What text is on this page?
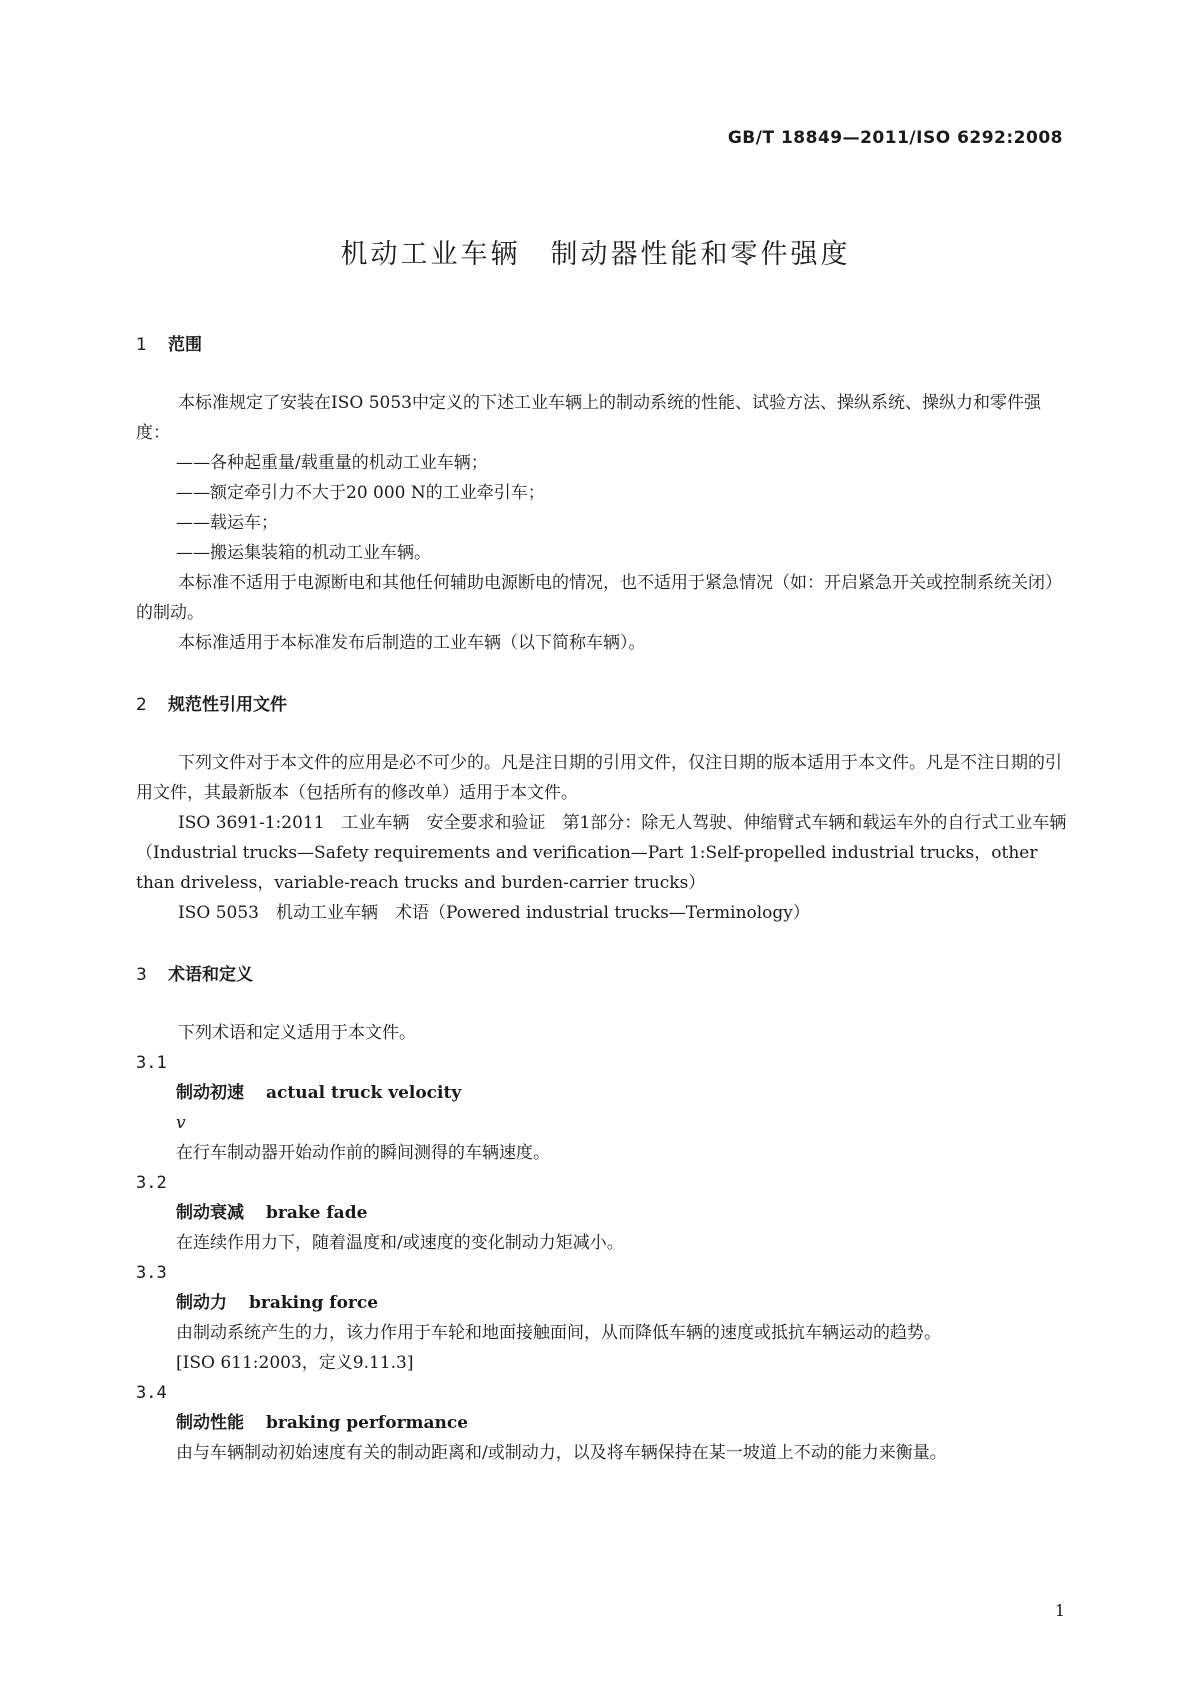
GB/T 18849—2011/ISO 6292:2008
机动工业车辆　制动器性能和零件强度
1 范围

本标准规定了安装在ISO 5053中定义的下述工业车辆上的制动系统的性能、试验方法、操纵系统、操纵力和零件强度：

——各种起重量/载重量的机动工业车辆；

——额定牵引力不大于20 000 N的工业牵引车；

——载运车；

——搬运集装箱的机动工业车辆。

本标准不适用于电源断电和其他任何辅助电源断电的情况，也不适用于紧急情况（如：开启紧急开关或控制系统关闭）的制动。

本标准适用于本标准发布后制造的工业车辆（以下简称车辆）。

2 规范性引用文件

下列文件对于本文件的应用是必不可少的。凡是注日期的引用文件，仅注日期的版本适用于本文件。凡是不注日期的引用文件，其最新版本（包括所有的修改单）适用于本文件。

ISO 3691-1:2011　工业车辆　安全要求和验证　第1部分：除无人驾驶、伸缩臂式车辆和载运车外的自行式工业车辆（Industrial trucks—Safety requirements and verification—Part 1:Self-propelled industrial trucks，other than driveless，variable-reach trucks and burden-carrier trucks）

ISO 5053　机动工业车辆　术语（Powered industrial trucks—Terminology）

3 术语和定义

下列术语和定义适用于本文件。

3.1

制动初速 actual truck velocity

v

在行车制动器开始动作前的瞬间测得的车辆速度。

3.2

制动衰减 brake fade

在连续作用力下，随着温度和/或速度的变化制动力矩减小。

3.3

制动力 braking force

由制动系统产生的力，该力作用于车轮和地面接触面间，从而降低车辆的速度或抵抗车辆运动的趋势。

[ISO 611:2003，定义9.11.3]

3.4

制动性能 braking performance

由与车辆制动初始速度有关的制动距离和/或制动力，以及将车辆保持在某一坡道上不动的能力来衡量。

1
